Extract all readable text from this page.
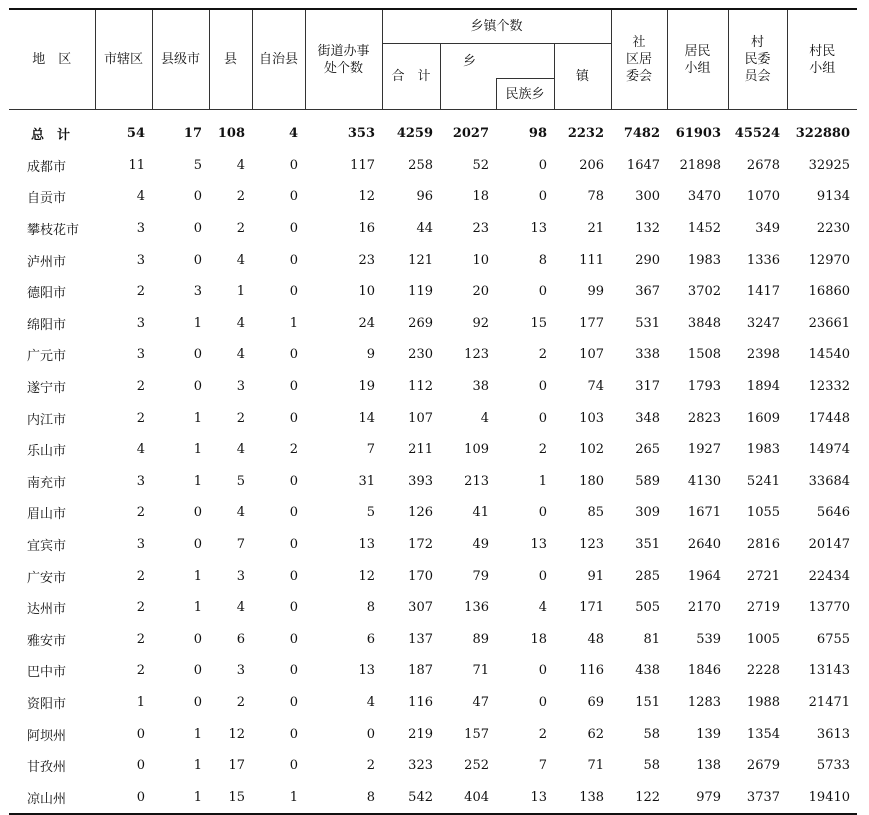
地　区	市辖区	县级市	县	自治县	街道办事处个数	乡镇个数				社　区居委会	居民小组	村　民委员会	村民小组
						合　计	乡		镇				
								民族乡					
总　计	54	17	108	4	353	4259	2027	98	2232	7482	61903	45524	322880
成都市	11	5	4	0	117	258	52	0	206	1647	21898	2678	32925
自贡市	4	0	2	0	12	96	18	0	78	300	3470	1070	9134
攀枝花市	3	0	2	0	16	44	23	13	21	132	1452	349	2230
泸州市	3	0	4	0	23	121	10	8	111	290	1983	1336	12970
德阳市	2	3	1	0	10	119	20	0	99	367	3702	1417	16860
绵阳市	3	1	4	1	24	269	92	15	177	531	3848	3247	23661
广元市	3	0	4	0	9	230	123	2	107	338	1508	2398	14540
遂宁市	2	0	3	0	19	112	38	0	74	317	1793	1894	12332
内江市	2	1	2	0	14	107	4	0	103	348	2823	1609	17448
乐山市	4	1	4	2	7	211	109	2	102	265	1927	1983	14974
南充市	3	1	5	0	31	393	213	1	180	589	4130	5241	33684
眉山市	2	0	4	0	5	126	41	0	85	309	1671	1055	5646
宜宾市	3	0	7	0	13	172	49	13	123	351	2640	2816	20147
广安市	2	1	3	0	12	170	79	0	91	285	1964	2721	22434
达州市	2	1	4	0	8	307	136	4	171	505	2170	2719	13770
雅安市	2	0	6	0	6	137	89	18	48	81	539	1005	6755
巴中市	2	0	3	0	13	187	71	0	116	438	1846	2228	13143
资阳市	1	0	2	0	4	116	47	0	69	151	1283	1988	21471
阿坝州	0	1	12	0	0	219	157	2	62	58	139	1354	3613
甘孜州	0	1	17	0	2	323	252	7	71	58	138	2679	5733
凉山州	0	1	15	1	8	542	404	13	138	122	979	3737	19410
